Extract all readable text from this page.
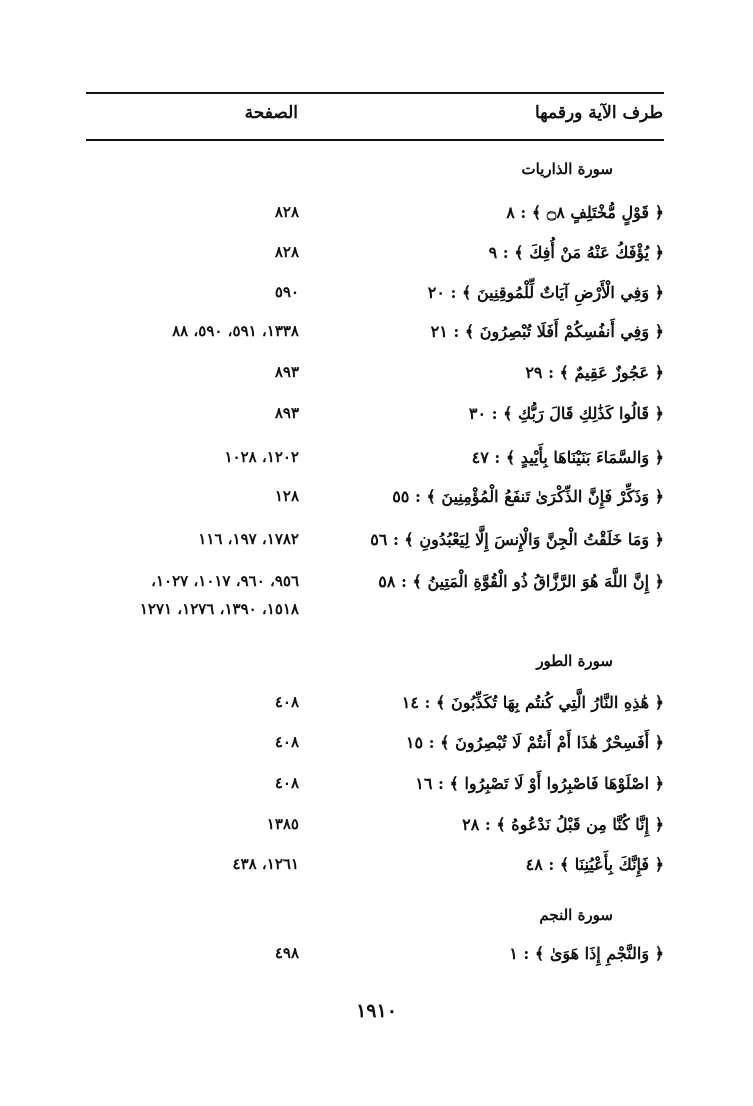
طرف الآية ورقمها
الصفحة
سورة الذاريات
﴿ قَوْلٍ مُّخْتَلِفٍ ۝٨ ﴾ : ٨
٨٢٨
﴿ يُؤْفَكُ عَنْهُ مَنْ أُفِكَ ﴾ : ٩
٨٢٨
﴿ وَفِي الْأَرْضِ آيَاتٌ لِّلْمُوقِنِينَ ﴾ : ٢٠
٥٩٠
﴿ وَفِي أَنفُسِكُمْ أَفَلَا تُبْصِرُونَ ﴾ : ٢١
١٣٣٨، ٥٩١، ٥٩٠، ٨٨
﴿ عَجُوزٌ عَقِيمٌ ﴾ : ٢٩
٨٩٣
﴿ قَالُوا كَذَٰلِكِ قَالَ رَبُّكِ ﴾ : ٣٠
٨٩٣
﴿ وَالسَّمَاءَ بَنَيْنَاهَا بِأَيْيدٍ ﴾ : ٤٧
١٢٠٢، ١٠٢٨
﴿ وَذَكِّرْ فَإِنَّ الذِّكْرَىٰ تَنفَعُ الْمُؤْمِنِينَ ﴾ : ٥٥
١٢٨
﴿ وَمَا خَلَقْتُ الْجِنَّ وَالْإِنسَ إِلَّا لِيَعْبُدُونِ ﴾ : ٥٦
١٧٨٢، ١٩٧، ١١٦
﴿ إِنَّ اللَّهَ هُوَ الرَّزَّاقُ ذُو الْقُوَّةِ الْمَتِينُ ﴾ : ٥٨
٩٥٦، ٩٦٠، ١٠١٧، ١٠٢٧،
١٥١٨، ١٣٩٠، ١٢٧٦، ١٢٧١
سورة الطور
﴿ هَٰذِهِ النَّارُ الَّتِي كُنتُم بِهَا تُكَذِّبُونَ ﴾ : ١٤
٤٠٨
﴿ أَفَسِحْرٌ هَٰذَا أَمْ أَنتُمْ لَا تُبْصِرُونَ ﴾ : ١٥
٤٠٨
﴿ اصْلَوْهَا فَاصْبِرُوا أَوْ لَا تَصْبِرُوا ﴾ : ١٦
٤٠٨
﴿ إِنَّا كُنَّا مِن قَبْلُ نَدْعُوهُ ﴾ : ٢٨
١٣٨٥
﴿ فَإِنَّكَ بِأَعْيُنِنَا ﴾ : ٤٨
١٢٦١، ٤٣٨
سورة النجم
﴿ وَالنَّجْمِ إِذَا هَوَىٰ ﴾ : ١
٤٩٨
١٩١٠
